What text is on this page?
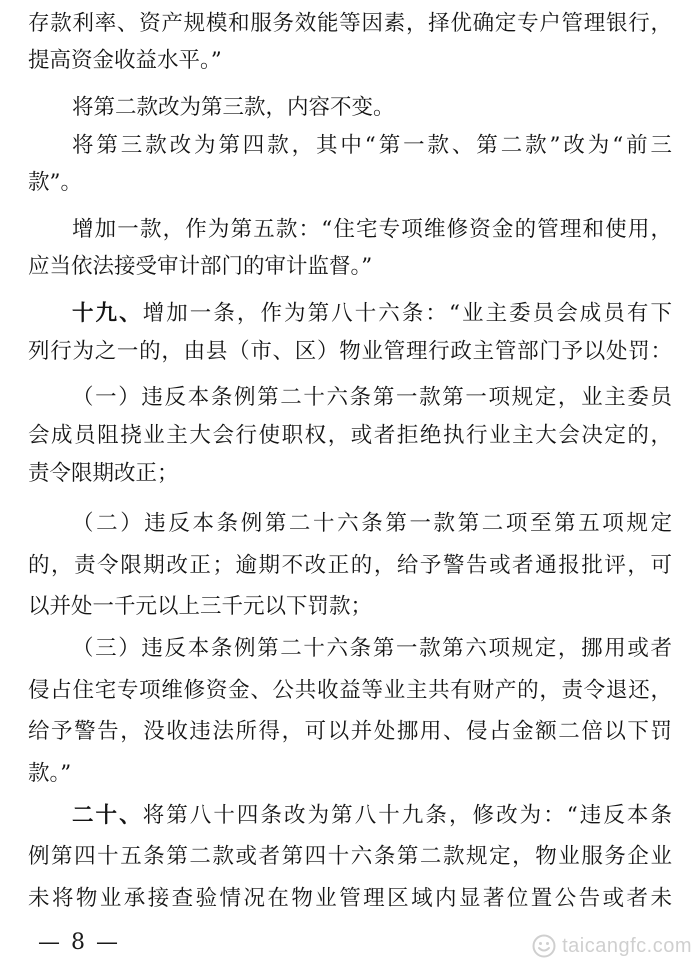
存款利率、资产规模和服务效能等因素，择优确定专户管理银行，
提高资金收益水平。”
将第二款改为第三款，内容不变。
将第三款改为第四款，其中“第一款、第二款”改为“前三
款”。
增加一款，作为第五款：“住宅专项维修资金的管理和使用，
应当依法接受审计部门的审计监督。”
十九、增加一条，作为第八十六条：“业主委员会成员有下
列行为之一的，由县（市、区）物业管理行政主管部门予以处罚：
（一）违反本条例第二十六条第一款第一项规定，业主委员
会成员阻挠业主大会行使职权，或者拒绝执行业主大会决定的，
责令限期改正；
（二）违反本条例第二十六条第一款第二项至第五项规定
的，责令限期改正；逾期不改正的，给予警告或者通报批评，可
以并处一千元以上三千元以下罚款；
（三）违反本条例第二十六条第一款第六项规定，挪用或者
侵占住宅专项维修资金、公共收益等业主共有财产的，责令退还，
给予警告，没收违法所得，可以并处挪用、侵占金额二倍以下罚
款。”
二十、将第八十四条改为第八十九条，修改为：“违反本条
例第四十五条第二款或者第四十六条第二款规定，物业服务企业
未将物业承接查验情况在物业管理区域内显著位置公告或者未
— 8 —	taicangfc.com
